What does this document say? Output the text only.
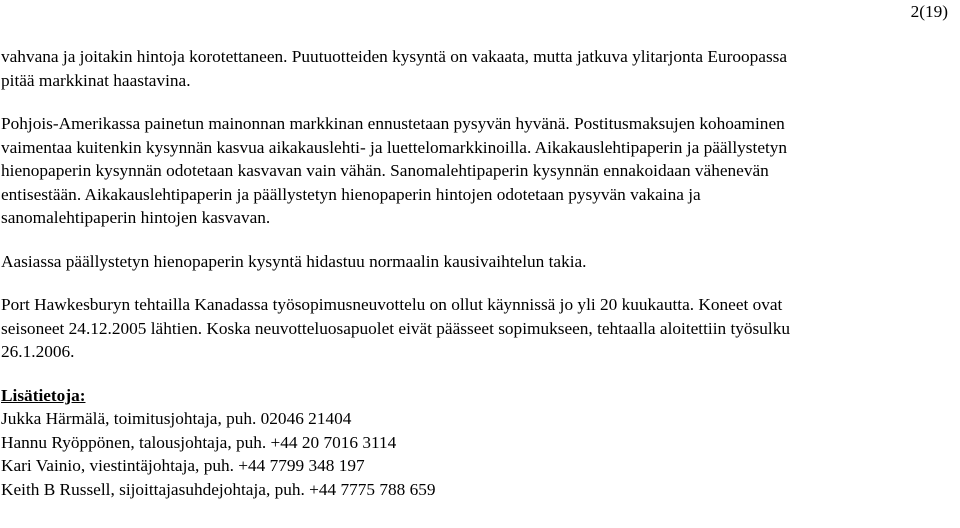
2(19)
vahvana ja joitakin hintoja korotettaneen. Puutuotteiden kysyntä on vakaata, mutta jatkuva ylitarjonta Euroopassa
pitää markkinat haastavina.
Pohjois-Amerikassa painetun mainonnan markkinan ennustetaan pysyvän hyvänä. Postitusmaksujen kohoaminen
vaimentaa kuitenkin kysynnän kasvua aikakauslehti- ja luettelomarkkinoilla. Aikakauslehtipaperin ja päällystetyn
hienopaperin kysynnän odotetaan kasvavan vain vähän. Sanomalehtipaperin kysynnän ennakoidaan vähenevän
entisestään. Aikakauslehtipaperin ja päällystetyn hienopaperin hintojen odotetaan pysyvän vakaina ja
sanomalehtipaperin hintojen kasvavan.
Aasiassa päällystetyn hienopaperin kysyntä hidastuu normaalin kausivaihtelun takia.
Port Hawkesburyn tehtailla Kanadassa työsopimusneuvottelu on ollut käynnissä jo yli 20 kuukautta. Koneet ovat
seisoneet 24.12.2005 lähtien. Koska neuvotteluosapuolet eivät päässeet sopimukseen, tehtaalla aloitettiin työsulku
26.1.2006.
Lisätietoja:
Jukka Härmälä, toimitusjohtaja, puh. 02046 21404
Hannu Ryöppönen, talousjohtaja, puh. +44 20 7016 3114
Kari Vainio, viestintäjohtaja, puh. +44 7799 348 197
Keith B Russell, sijoittajasuhdejohtaja, puh. +44 7775 788 659
